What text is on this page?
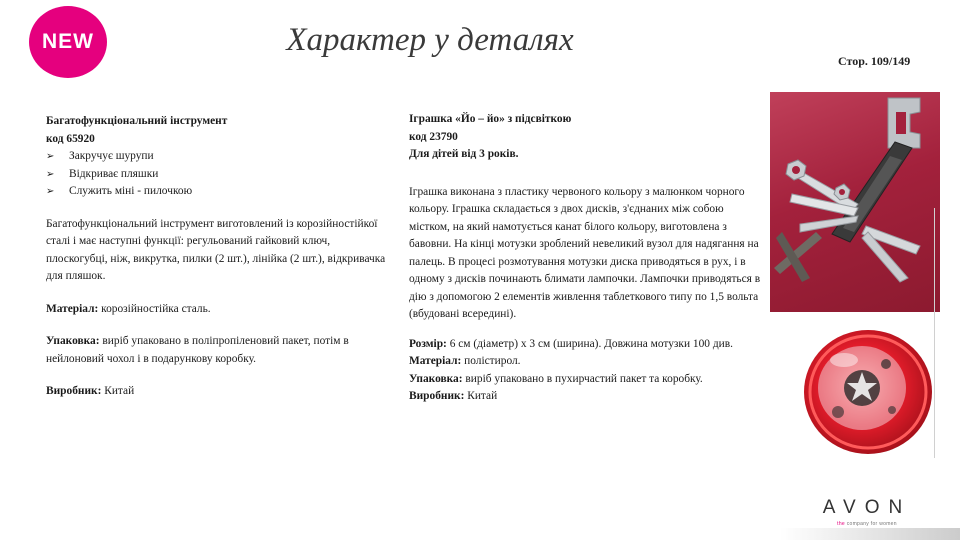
NEW	Характер у деталях
Стор. 109/149

Багатофункціональний інструмент

код 65920

➢ Закручує шурупи
➢ Відкриває пляшки
➢ Служить міні - пилочкою

Багатофункціональний інструмент виготовлений із корозійностійкої сталі і має наступні функції: регульований гайковий ключ, плоскогубці, ніж, викрутка, пилки (2 шт.), лінійка (2 шт.), відкривачка для пляшок.

Матеріал: корозійностійка сталь.

Упаковка: виріб упаковано в поліпропіленовий пакет, потім в
нейлоновий чохол і в подарункову коробку.

Виробник: Китай

Іграшка «Йо – йо» з підсвіткою

код 23790

Для дітей від 3 років.

Іграшка виконана з пластику червоного кольору з малюнком чорного кольору. Іграшка складається з двох дисків, з'єднаних між собою містком, на який намотується канат білого кольору, виготовлена з бавовни. На кінці мотузки зроблений невеликий вузол для надягання на палець. В процесі розмотування мотузки диска приводяться в рух, і в одному з дисків починають блимати лампочки. Лампочки приводяться в дію з допомогою 2 елементів живлення таблеткового типу по 1,5 вольта (вбудовані всередині).

Розмір: 6 см (діаметр) х 3 см (ширина). Довжина мотузки 100 див.

Матеріал: полістирол.

Упаковка: виріб упаковано в пухирчастий пакет та коробку.

Виробник: Китай

AVON
the company for women
